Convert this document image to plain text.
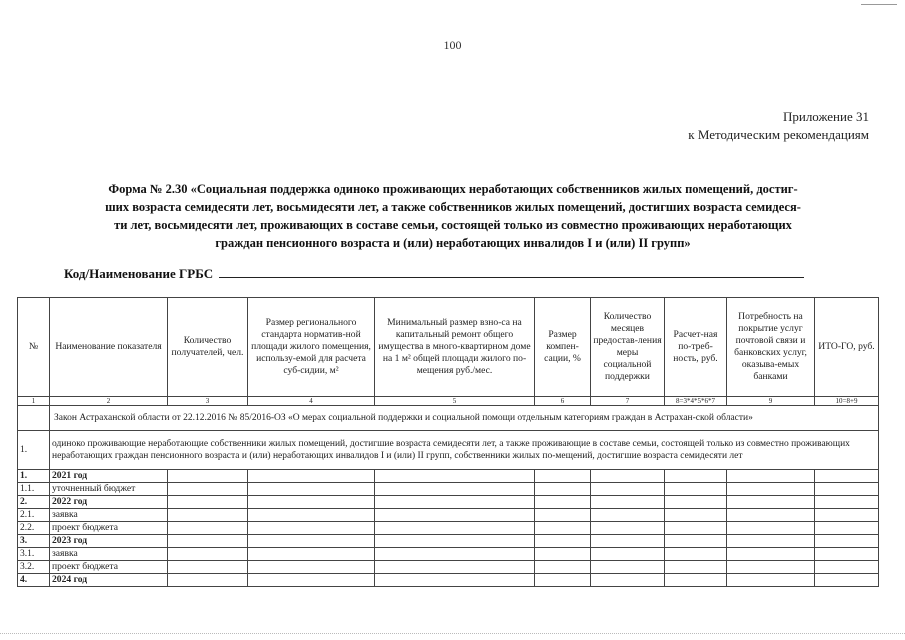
100
Приложение 31
к Методическим рекомендациям
Форма № 2.30 «Социальная поддержка одиноко проживающих неработающих собственников жилых помещений, достиг-
ших возраста семидесяти лет, восьмидесяти лет, а также собственников жилых помещений, достигших возраста семидеся-
ти лет, восьмидесяти лет, проживающих в составе семьи, состоящей только из совместно проживающих неработающих
граждан пенсионного возраста и (или) неработающих инвалидов I и (или) II групп»
Код/Наименование ГРБС
№	Наименование показателя	Количество получателей, чел.	Размер регионального стандарта норматив-ной площади жилого помещения, использу-емой для расчета суб-сидии, м²	Минимальный размер взно-са на капитальный ремонт общего имущества в много-квартирном доме на 1 м² общей площади жилого по-мещения руб./мес.	Размер компен-сации, %	Количество месяцев предостав-ления меры социальной поддержки	Расчет-ная по-треб-ность, руб.	Потребность на покрытие услуг почтовой связи и банковских услуг, оказыва-емых банками	ИТО-ГО, руб.
1	2	3	4	5	6	7	8=3*4*5*6*7	9	10=8+9
	Закон Астраханской области от 22.12.2016 № 85/2016-ОЗ «О мерах социальной поддержки и социальной помощи отдельным категориям граждан в Астрахан-ской области»								
1.	одиноко проживающие неработающие собственники жилых помещений, достигшие возраста семидесяти лет, а также проживающие в составе семьи, состоящей только из совместно проживающих неработающих граждан пенсионного возраста и (или) неработающих инвалидов I и (или) II групп, собственники жилых по-мещений, достигшие возраста семидесяти лет								
1.	2021 год								
1.1.	уточненный бюджет								
2.	2022 год								
2.1.	заявка								
2.2.	проект бюджета								
3.	2023 год								
3.1.	заявка								
3.2.	проект бюджета								
4.	2024 год								
